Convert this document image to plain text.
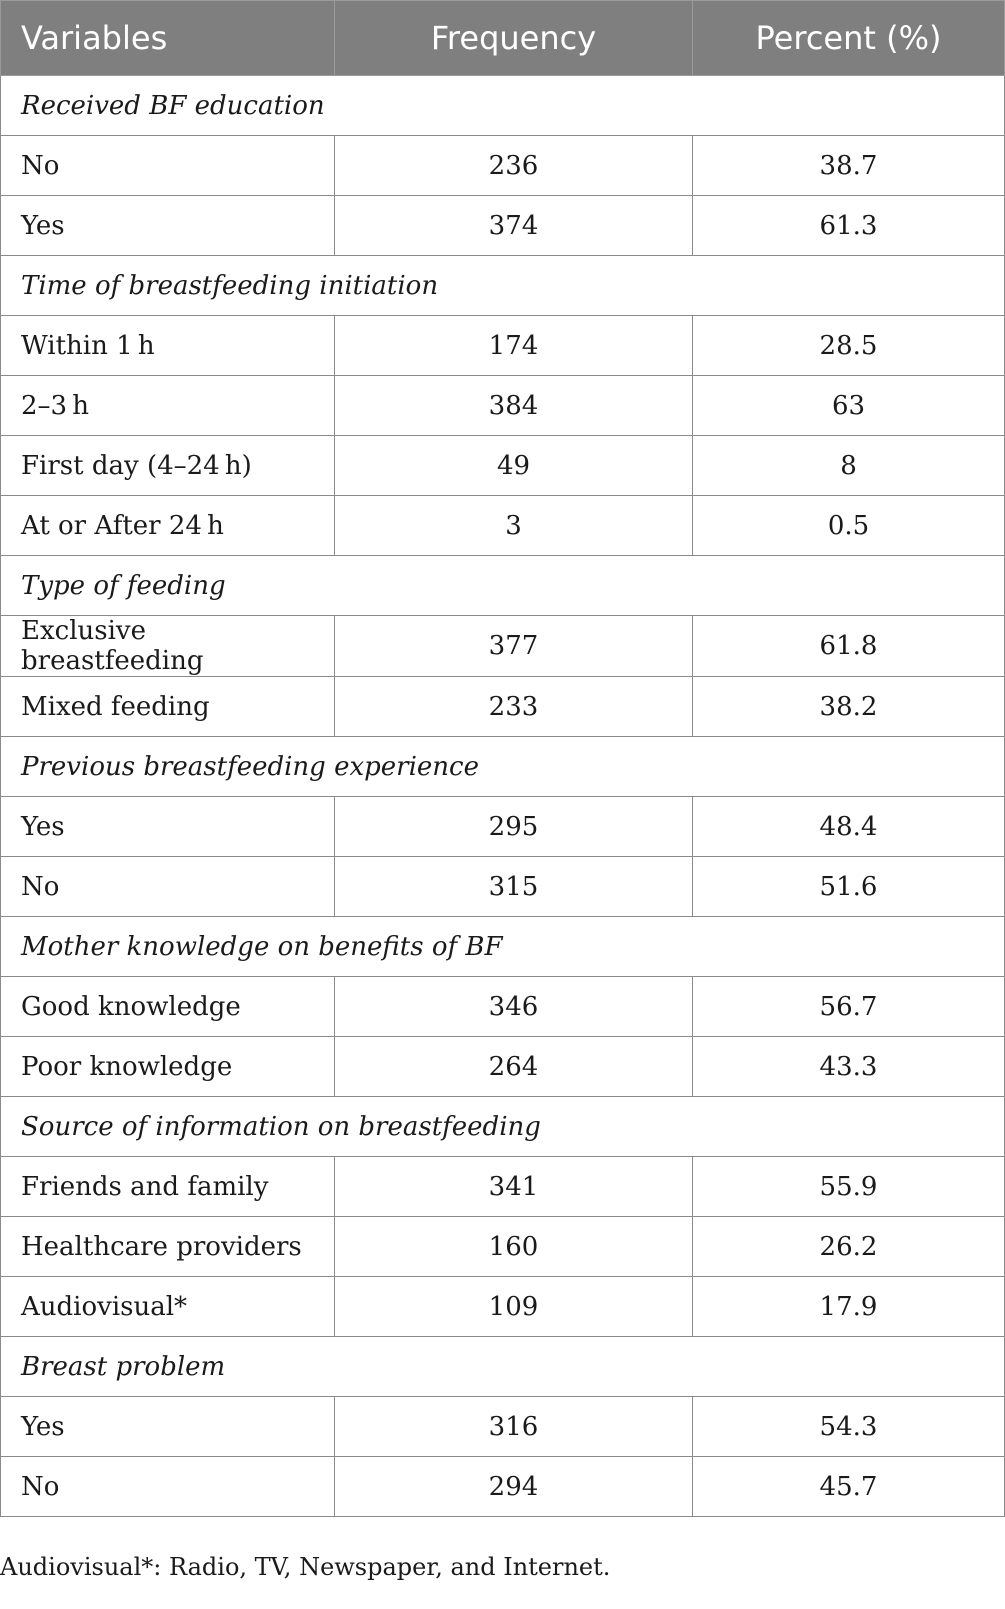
Variables	Frequency	Percent (%)
Received BF education		
No	236	38.7
Yes	374	61.3
Time of breastfeeding initiation		
Within 1 h	174	28.5
2–3 h	384	63
First day (4–24 h)	49	8
At or After 24 h	3	0.5
Type of feeding		
Exclusive breastfeeding	377	61.8
Mixed feeding	233	38.2
Previous breastfeeding experience		
Yes	295	48.4
No	315	51.6
Mother knowledge on benefits of BF		
Good knowledge	346	56.7
Poor knowledge	264	43.3
Source of information on breastfeeding		
Friends and family	341	55.9
Healthcare providers	160	26.2
Audiovisual*	109	17.9
Breast problem		
Yes	316	54.3
No	294	45.7

Audiovisual*: Radio, TV, Newspaper, and Internet.
